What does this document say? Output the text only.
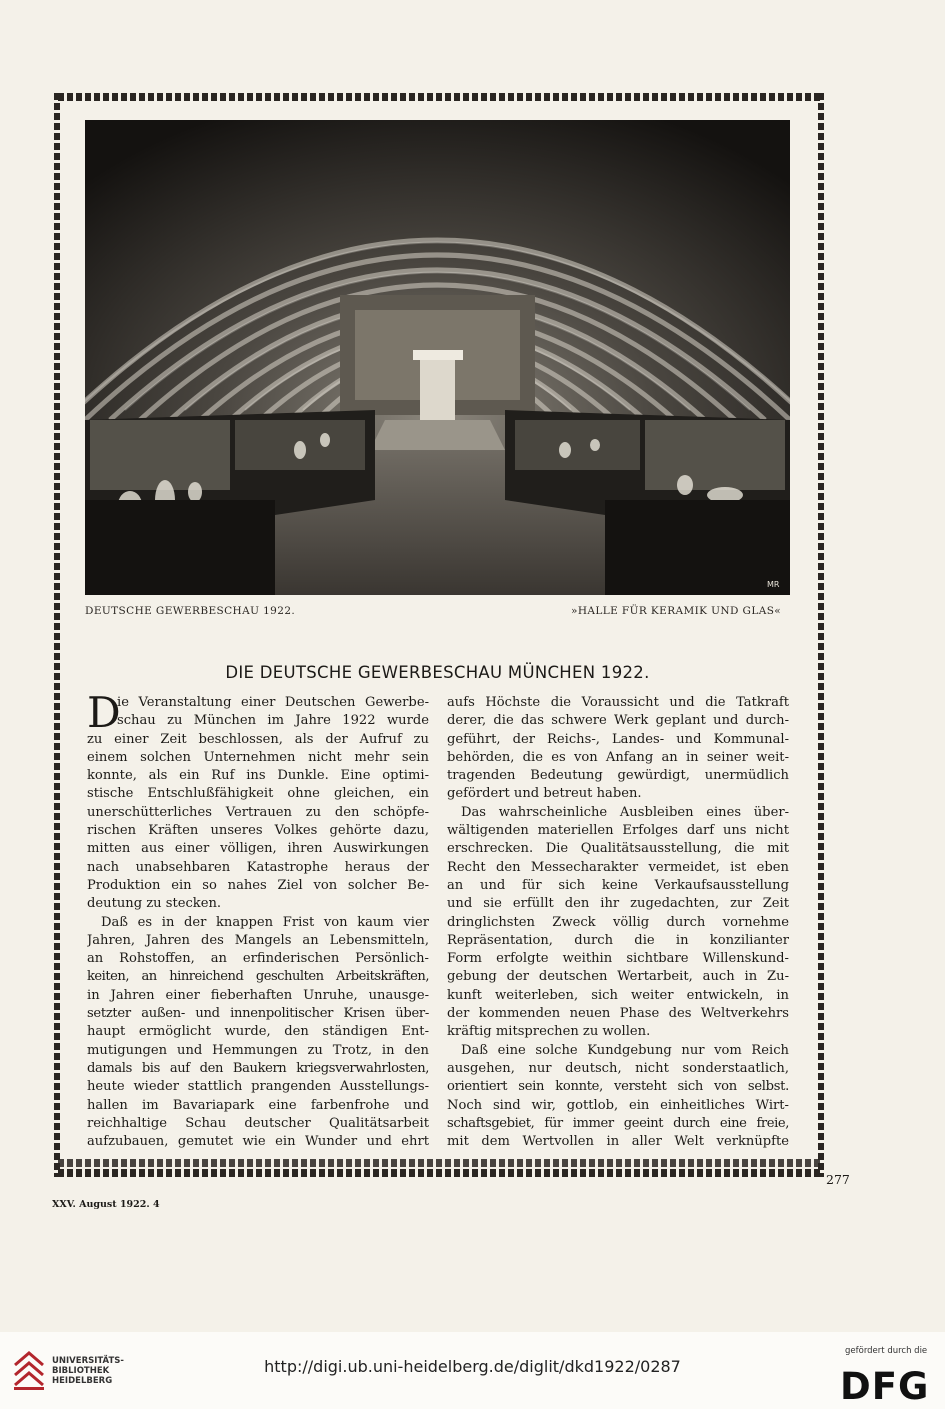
MR
DEUTSCHE GEWERBESCHAU 1922.	»HALLE FÜR KERAMIK UND GLAS«
DIE DEUTSCHE GEWERBESCHAU MÜNCHEN 1922.
D
ie Veranstaltung einer Deutschen Gewerbe-
schau zu München im Jahre 1922 wurde
zu einer Zeit beschlossen, als der Aufruf zu
einem solchen Unternehmen nicht mehr sein
konnte, als ein Ruf ins Dunkle. Eine optimi-
stische Entschlußfähigkeit ohne gleichen, ein
unerschütterliches Vertrauen zu den schöpfe-
rischen Kräften unseres Volkes gehörte dazu,
mitten aus einer völligen, ihren Auswirkungen
nach unabsehbaren Katastrophe heraus der
Produktion ein so nahes Ziel von solcher Be-
deutung zu stecken.
Daß es in der knappen Frist von kaum vier
Jahren, Jahren des Mangels an Lebensmitteln,
an Rohstoffen, an erfinderischen Persönlich-
keiten, an hinreichend geschulten Arbeitskräften,
in Jahren einer fieberhaften Unruhe, unausge-
setzter außen- und innenpolitischer Krisen über-
haupt ermöglicht wurde, den ständigen Ent-
mutigungen und Hemmungen zu Trotz, in den
damals bis auf den Baukern kriegsverwahrlosten,
heute wieder stattlich prangenden Ausstellungs-
hallen im Bavariapark eine farbenfrohe und
reichhaltige Schau deutscher Qualitätsarbeit
aufzubauen, gemutet wie ein Wunder und ehrt
aufs Höchste die Voraussicht und die Tatkraft
derer, die das schwere Werk geplant und durch-
geführt, der Reichs-, Landes- und Kommunal-
behörden, die es von Anfang an in seiner weit-
tragenden Bedeutung gewürdigt, unermüdlich
gefördert und betreut haben.
Das wahrscheinliche Ausbleiben eines über-
wältigenden materiellen Erfolges darf uns nicht
erschrecken. Die Qualitätsausstellung, die mit
Recht den Messecharakter vermeidet, ist eben
an und für sich keine Verkaufsausstellung
und sie erfüllt den ihr zugedachten, zur Zeit
dringlichsten Zweck völlig durch vornehme
Repräsentation, durch die in konzilianter
Form erfolgte weithin sichtbare Willenskund-
gebung der deutschen Wertarbeit, auch in Zu-
kunft weiterleben, sich weiter entwickeln, in
der kommenden neuen Phase des Weltverkehrs
kräftig mitsprechen zu wollen.
Daß eine solche Kundgebung nur vom Reich
ausgehen, nur deutsch, nicht sonderstaatlich,
orientiert sein konnte, versteht sich von selbst.
Noch sind wir, gottlob, ein einheitliches Wirt-
schaftsgebiet, für immer geeint durch eine freie,
mit dem Wertvollen in aller Welt verknüpfte
277
XXV. August 1922. 4
UNIVERSITÄTS-
BIBLIOTHEK
HEIDELBERG
http://digi.ub.uni-heidelberg.de/diglit/dkd1922/0287
gefördert durch die
DFG
